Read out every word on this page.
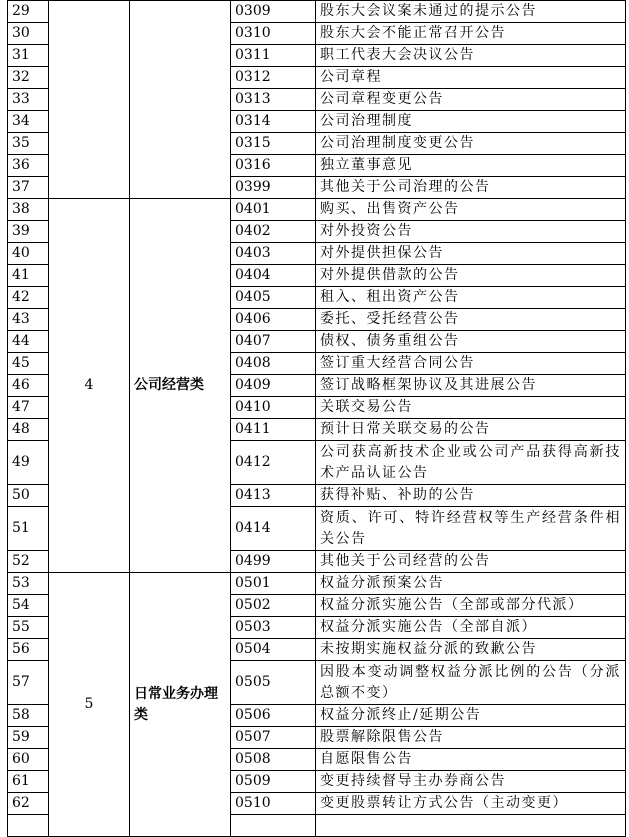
29			0309	股东大会议案未通过的提示公告
30			0310	股东大会不能正常召开公告
31			0311	职工代表大会决议公告
32			0312	公司章程
33			0313	公司章程变更公告
34			0314	公司治理制度
35			0315	公司治理制度变更公告
36			0316	独立董事意见
37			0399	其他关于公司治理的公告
38	4	公司经营类	0401	购买、出售资产公告
39			0402	对外投资公告
40			0403	对外提供担保公告
41			0404	对外提供借款的公告
42			0405	租入、租出资产公告
43			0406	委托、受托经营公告
44			0407	债权、债务重组公告
45			0408	签订重大经营合同公告
46			0409	签订战略框架协议及其进展公告
47			0410	关联交易公告
48			0411	预计日常关联交易的公告
49			0412	公司获高新技术企业或公司产品获得高新技术产品认证公告
50			0413	获得补贴、补助的公告
51			0414	资质、许可、特许经营权等生产经营条件相关公告
52			0499	其他关于公司经营的公告
53	5	日常业务办理类	0501	权益分派预案公告
54			0502	权益分派实施公告（全部或部分代派）
55			0503	权益分派实施公告（全部自派）
56			0504	未按期实施权益分派的致歉公告
57			0505	因股本变动调整权益分派比例的公告（分派总额不变）
58			0506	权益分派终止/延期公告
59			0507	股票解除限售公告
60			0508	自愿限售公告
61			0509	变更持续督导主办券商公告
62			0510	变更股票转让方式公告（主动变更）
